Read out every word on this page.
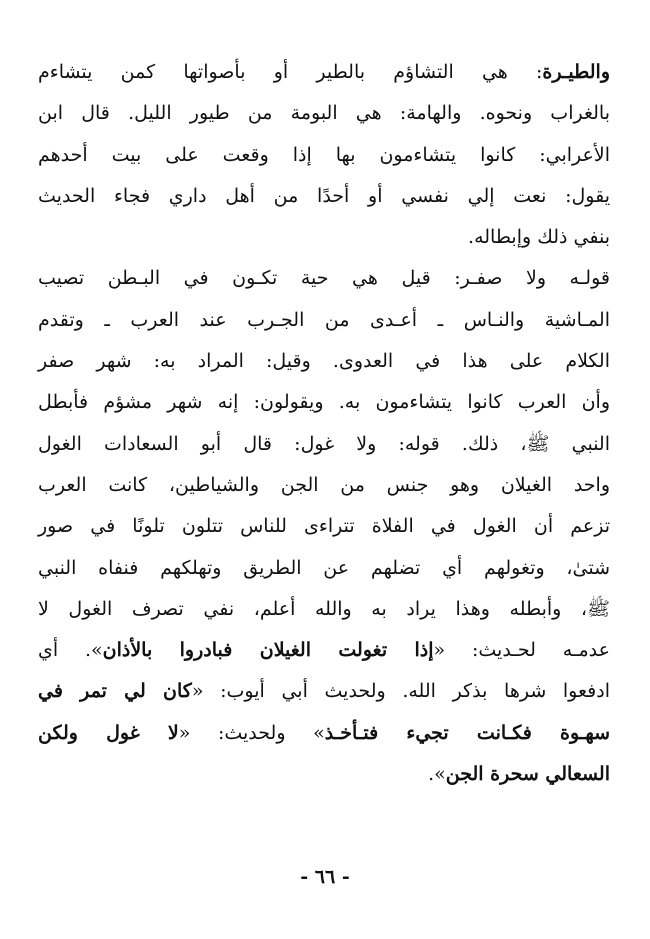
والطيـرة: هي التشاؤم بالطير أو بأصواتها كمن يتشاءم
بالغراب ونحوه. والهامة: هي البومة من طيور الليل. قال ابن
الأعرابي: كانوا يتشاءمون بها إذا وقعت على بيت أحدهم
يقول: نعت إلي نفسي أو أحدًا من أهل داري فجاء الحديث
بنفي ذلك وإبطاله.
قولـه ولا صفـر: قيل هي حية تكـون في البـطن تصيب
المـاشية والنـاس ـ أعـدى من الجـرب عند العرب ـ وتقدم
الكلام على هذا في العدوى. وقيل: المراد به: شهر صفر
وأن العرب كانوا يتشاءمون به. ويقولون: إنه شهر مشؤم فأبطل
النبي ﷺ، ذلك. قوله: ولا غول: قال أبو السعادات الغول
واحد الغيلان وهو جنس من الجن والشياطين، كانت العرب
تزعم أن الغول في الفلاة تتراءى للناس تتلون تلونًا في صور
شتىٰ، وتغولهم أي تضلهم عن الطريق وتهلكهم فنفاه النبي
ﷺ، وأبطله وهذا يراد به والله أعلم، نفي تصرف الغول لا
عدمـه لحـديث: «إذا تغولت الغيلان فبادروا بالأذان». أي
ادفعوا شرها بذكر الله. ولحديث أبي أيوب: «كان لي تمر في
سهـوة فكـانت تجيء فتـأخـذ» ولحديث: «لا غول ولكن
السعالي سحرة الجن».
- ٦٦ -
